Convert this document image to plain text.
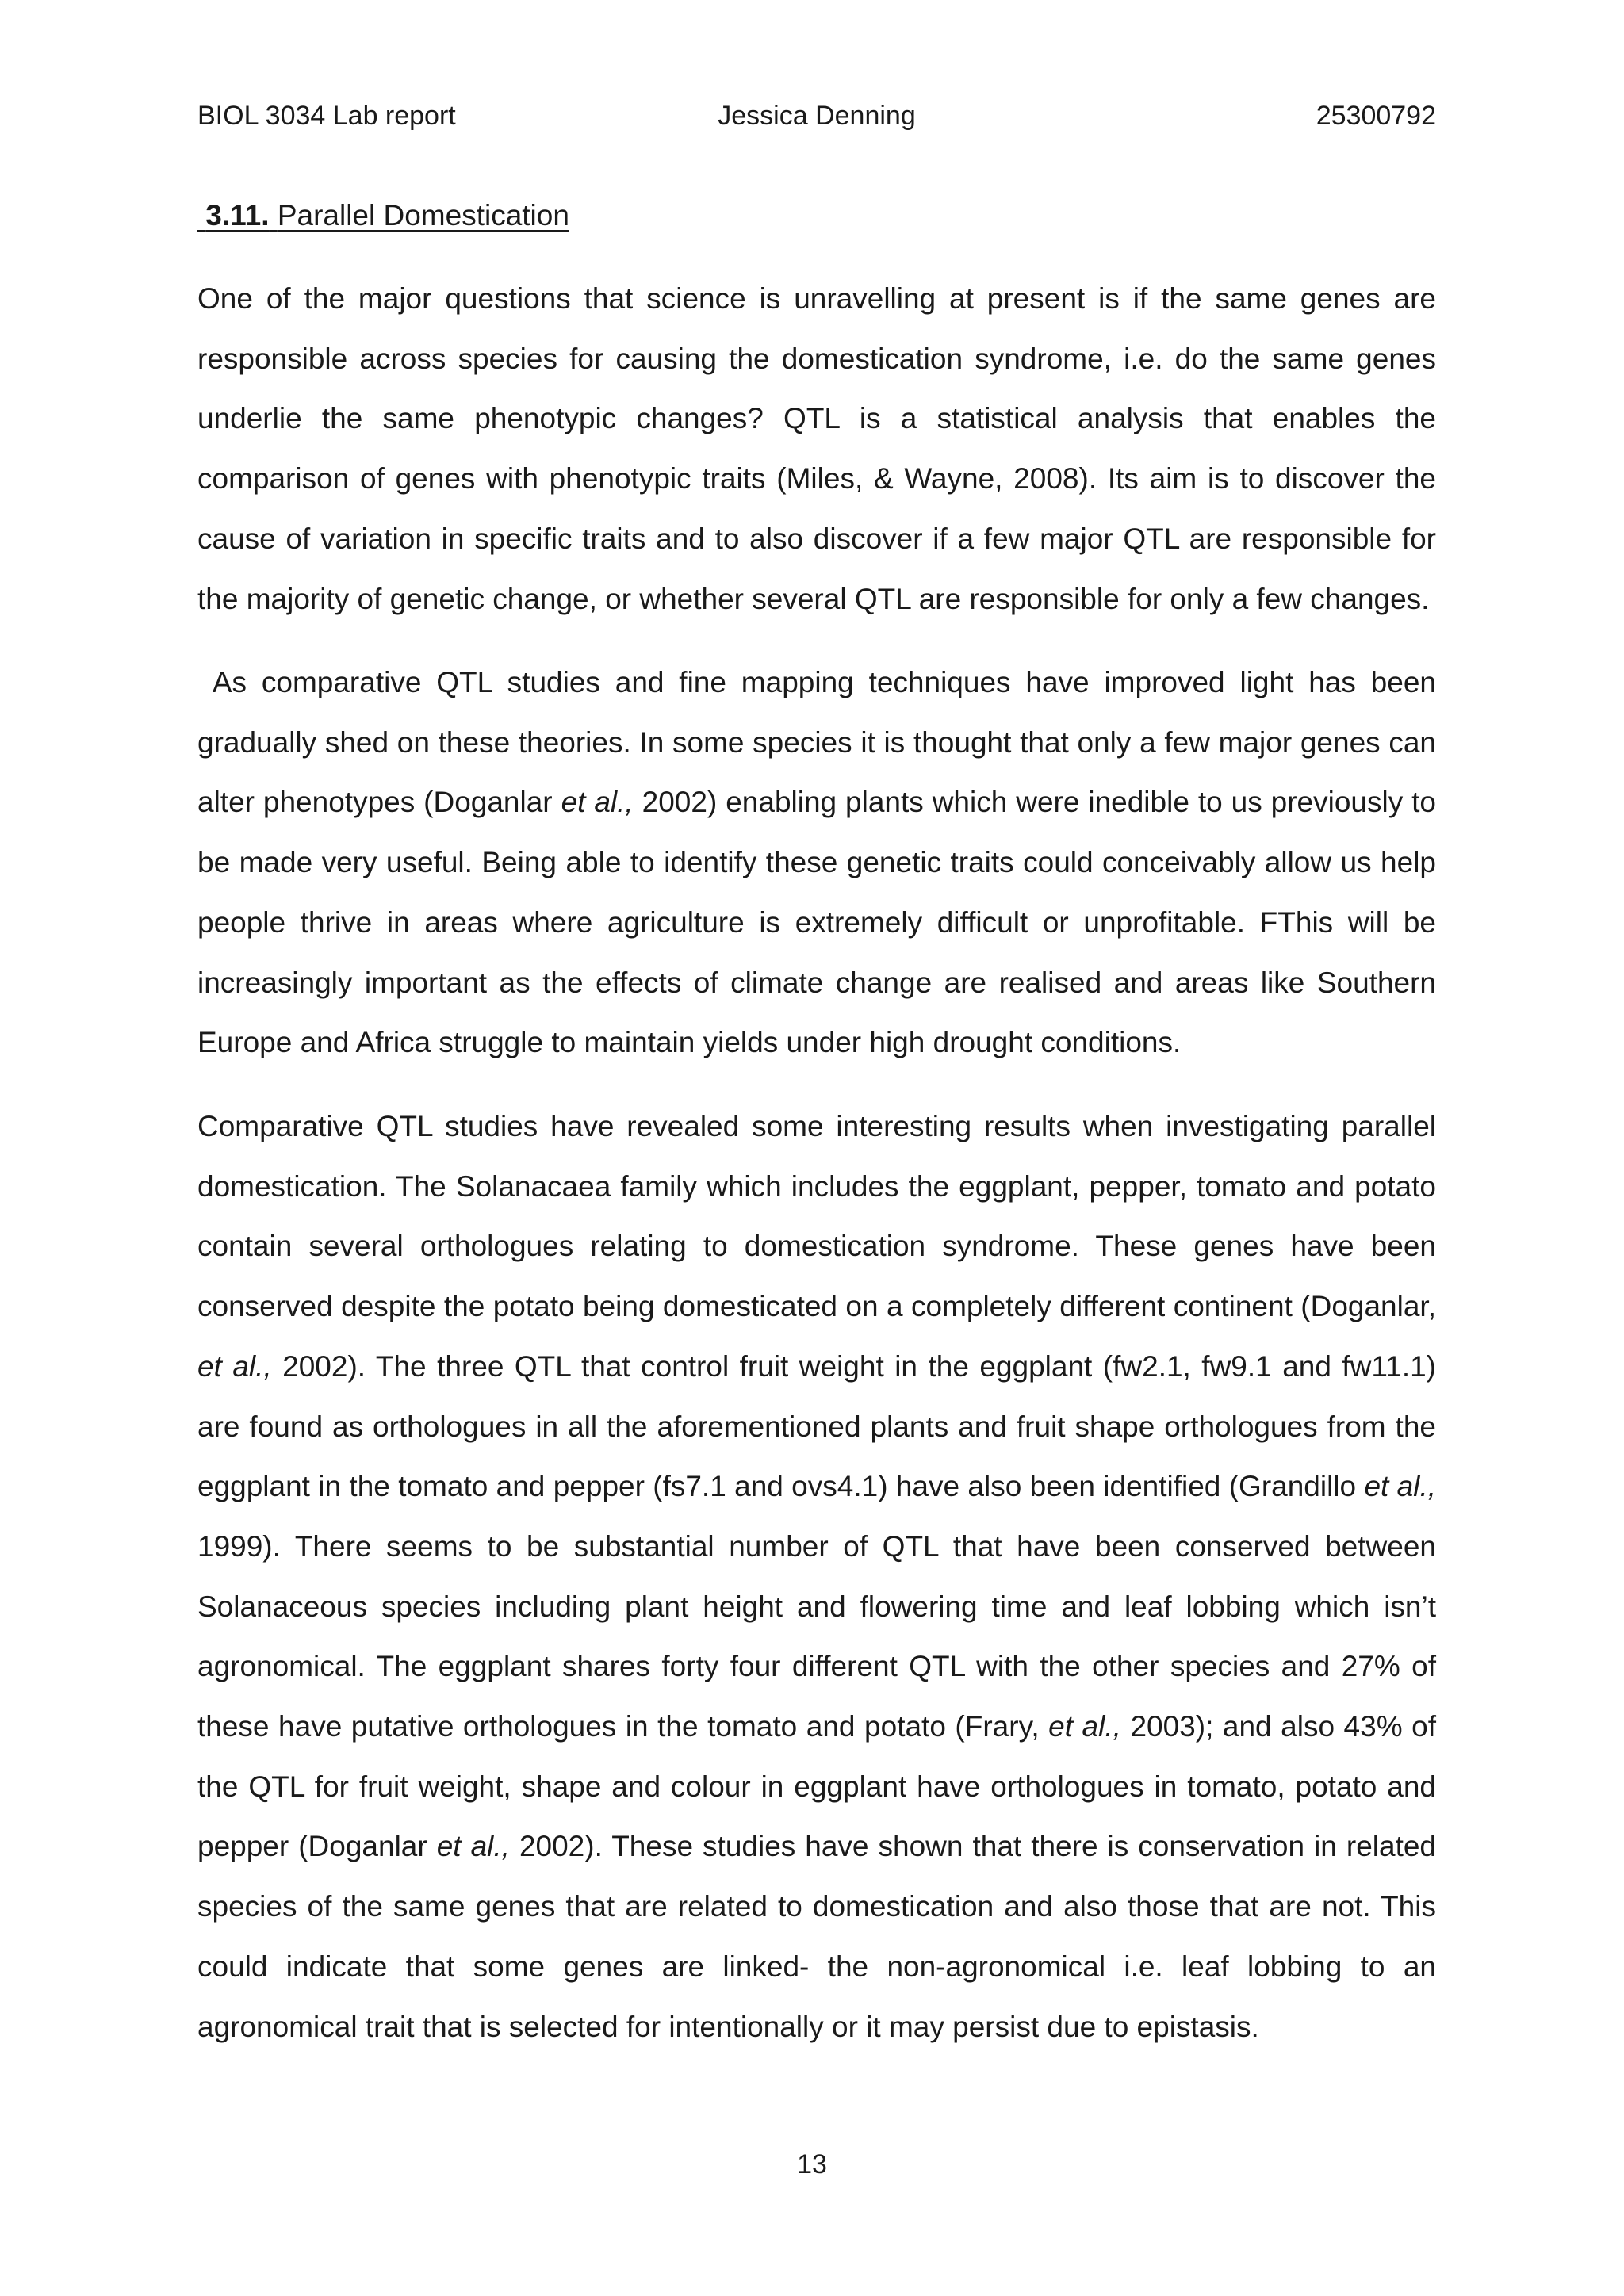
BIOL 3034 Lab report	Jessica Denning	25300792
3.11. Parallel Domestication

One of the major questions that science is unravelling at present is if the same genes are responsible across species for causing the domestication syndrome, i.e. do the same genes underlie the same phenotypic changes? QTL is a statistical analysis that enables the comparison of genes with phenotypic traits (Miles, & Wayne, 2008). Its aim is to discover the cause of variation in specific traits and to also discover if a few major QTL are responsible for the majority of genetic change, or whether several QTL are responsible for only a few changes.

As comparative QTL studies and fine mapping techniques have improved light has been gradually shed on these theories. In some species it is thought that only a few major genes can alter phenotypes (Doganlar et al., 2002) enabling plants which were inedible to us previously to be made very useful. Being able to identify these genetic traits could conceivably allow us help people thrive in areas where agriculture is extremely difficult or unprofitable. FThis will be increasingly important as the effects of climate change are realised and areas like Southern Europe and Africa struggle to maintain yields under high drought conditions.

Comparative QTL studies have revealed some interesting results when investigating parallel domestication. The Solanacaea family which includes the eggplant, pepper, tomato and potato contain several orthologues relating to domestication syndrome. These genes have been conserved despite the potato being domesticated on a completely different continent (Doganlar, et al., 2002). The three QTL that control fruit weight in the eggplant (fw2.1, fw9.1 and fw11.1) are found as orthologues in all the aforementioned plants and fruit shape orthologues from the eggplant in the tomato and pepper (fs7.1 and ovs4.1) have also been identified (Grandillo et al., 1999). There seems to be substantial number of QTL that have been conserved between Solanaceous species including plant height and flowering time and leaf lobbing which isn’t agronomical. The eggplant shares forty four different QTL with the other species and 27% of these have putative orthologues in the tomato and potato (Frary, et al., 2003); and also 43% of the QTL for fruit weight, shape and colour in eggplant have orthologues in tomato, potato and pepper (Doganlar et al., 2002). These studies have shown that there is conservation in related species of the same genes that are related to domestication and also those that are not. This could indicate that some genes are linked- the non-agronomical i.e. leaf lobbing to an agronomical trait that is selected for intentionally or it may persist due to epistasis.

13
